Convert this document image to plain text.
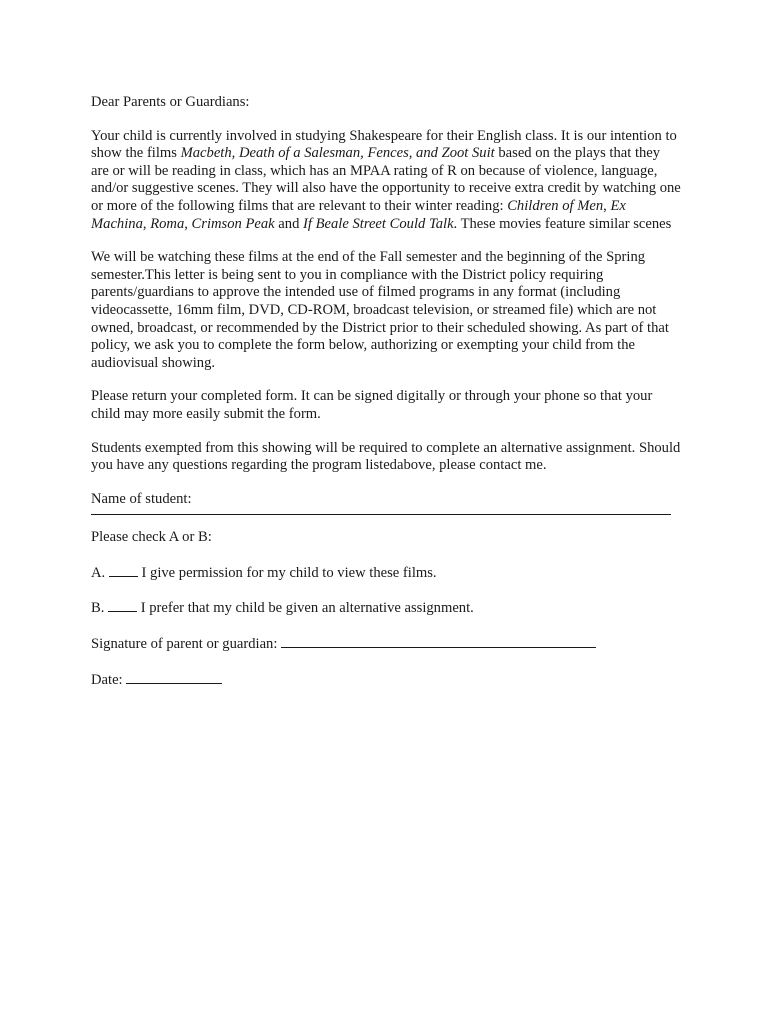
Dear Parents or Guardians:

Your child is currently involved in studying Shakespeare for their English class. It is our intention to show the films Macbeth, Death of a Salesman, Fences, and Zoot Suit based on the plays that they are or will be reading in class, which has an MPAA rating of R on because of violence, language, and/or suggestive scenes. They will also have the opportunity to receive extra credit by watching one or more of the following films that are relevant to their winter reading: Children of Men, Ex Machina, Roma, Crimson Peak and If Beale Street Could Talk. These movies feature similar scenes

We will be watching these films at the end of the Fall semester and the beginning of the Spring semester.This letter is being sent to you in compliance with the District policy requiring parents/guardians to approve the intended use of filmed programs in any format (including videocassette, 16mm film, DVD, CD-ROM, broadcast television, or streamed file) which are not owned, broadcast, or recommended by the District prior to their scheduled showing. As part of that policy, we ask you to complete the form below, authorizing or exempting your child from the audiovisual showing.

Please return your completed form. It can be signed digitally or through your phone so that your child may more easily submit the form.

Students exempted from this showing will be required to complete an alternative assignment. Should you have any questions regarding the program listedabove, please contact me.

Name of student:

Please check A or B:

A. I give permission for my child to view these films.

B. I prefer that my child be given an alternative assignment.

Signature of parent or guardian:

Date:
